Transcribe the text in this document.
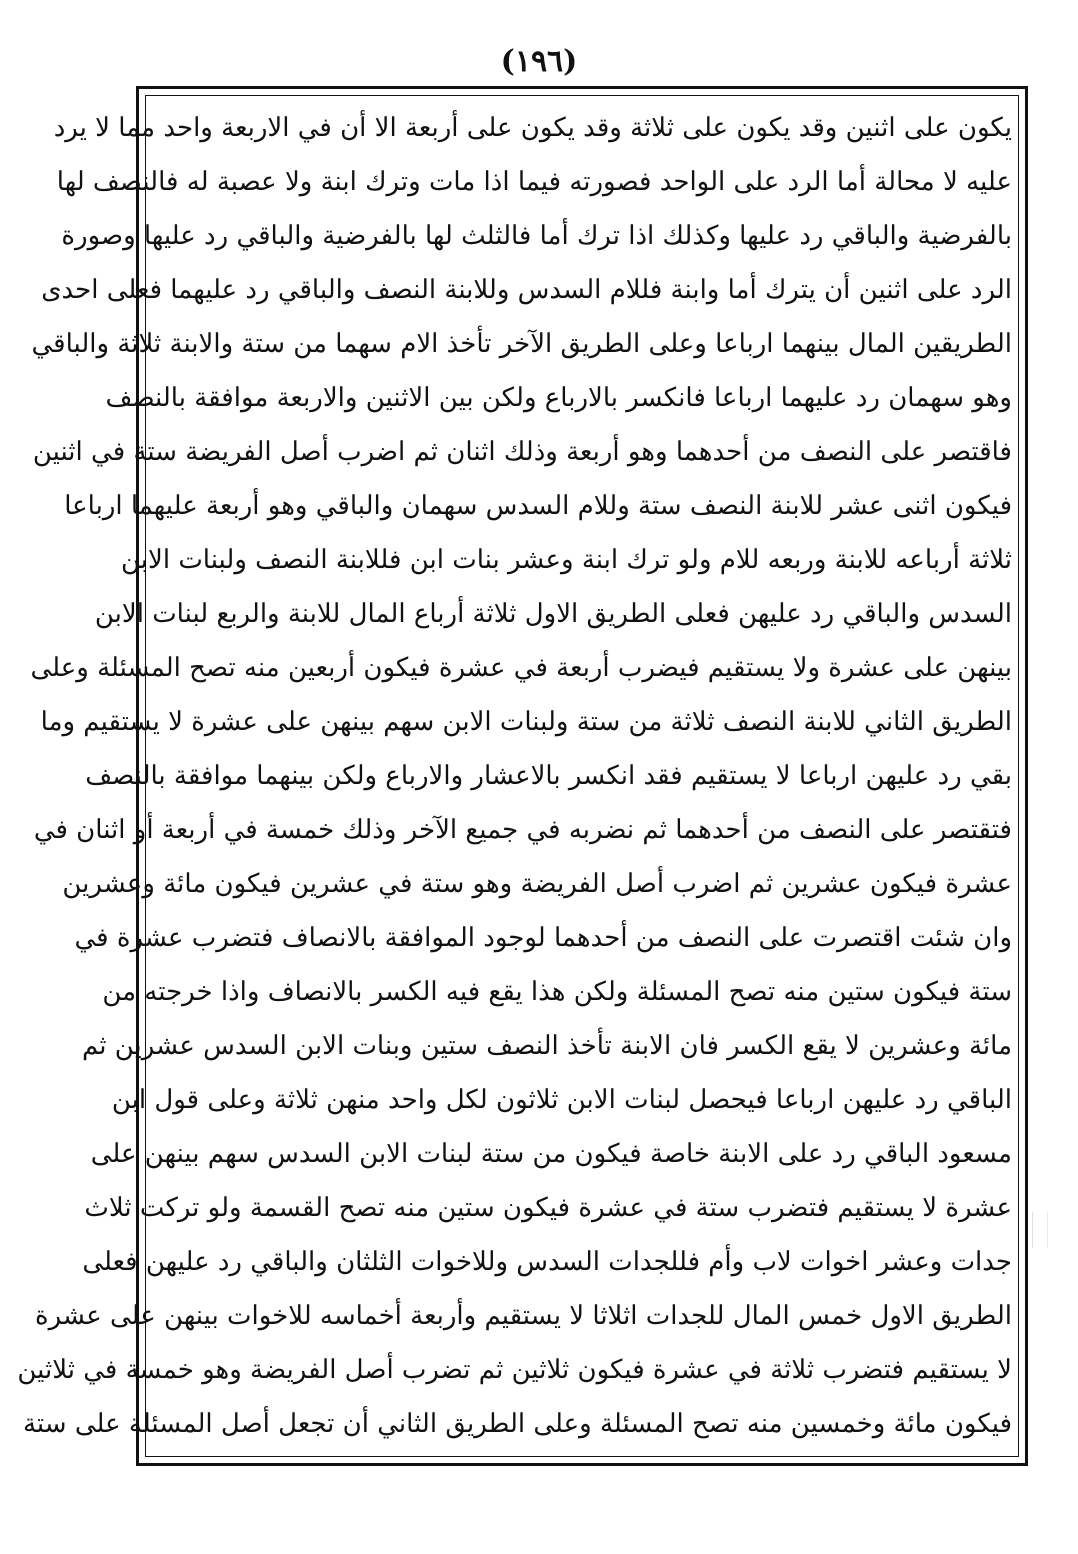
(١٩٦)
يكون على اثنين وقد يكون على ثلاثة وقد يكون على أربعة الا أن في الاربعة واحد مما لا يرد
عليه لا محالة أما الرد على الواحد فصورته فيما اذا مات وترك ابنة ولا عصبة له فالنصف لها
بالفرضية والباقي رد عليها وكذلك اذا ترك أما فالثلث لها بالفرضية والباقي رد عليها وصورة
الرد على اثنين أن يترك أما وابنة فللام السدس وللابنة النصف والباقي رد عليهما فعلى احدى
الطريقين المال بينهما ارباعا وعلى الطريق الآخر تأخذ الام سهما من ستة والابنة ثلاثة والباقي
وهو سهمان رد عليهما ارباعا فانكسر بالارباع ولكن بين الاثنين والاربعة موافقة بالنصف
فاقتصر على النصف من أحدهما وهو أربعة وذلك اثنان ثم اضرب أصل الفريضة ستة في اثنين
فيكون اثنى عشر للابنة النصف ستة وللام السدس سهمان والباقي وهو أربعة عليهما ارباعا
ثلاثة أرباعه للابنة وربعه للام ولو ترك ابنة وعشر بنات ابن فللابنة النصف ولبنات الابن
السدس والباقي رد عليهن فعلى الطريق الاول ثلاثة أرباع المال للابنة والربع لبنات الابن
بينهن على عشرة ولا يستقيم فيضرب أربعة في عشرة فيكون أربعين منه تصح المسئلة وعلى
الطريق الثاني للابنة النصف ثلاثة من ستة ولبنات الابن سهم بينهن على عشرة لا يستقيم وما
بقي رد عليهن ارباعا لا يستقيم فقد انكسر بالاعشار والارباع ولكن بينهما موافقة بالنصف
فتقتصر على النصف من أحدهما ثم نضربه في جميع الآخر وذلك خمسة في أربعة أو اثنان في
عشرة فيكون عشرين ثم اضرب أصل الفريضة وهو ستة في عشرين فيكون مائة وعشرين
وان شئت اقتصرت على النصف من أحدهما لوجود الموافقة بالانصاف فتضرب عشرة في
ستة فيكون ستين منه تصح المسئلة ولكن هذا يقع فيه الكسر بالانصاف واذا خرجته من
مائة وعشرين لا يقع الكسر فان الابنة تأخذ النصف ستين وبنات الابن السدس عشرين ثم
الباقي رد عليهن ارباعا فيحصل لبنات الابن ثلاثون لكل واحد منهن ثلاثة وعلى قول ابن
مسعود الباقي رد على الابنة خاصة فيكون من ستة لبنات الابن السدس سهم بينهن على
عشرة لا يستقيم فتضرب ستة في عشرة فيكون ستين منه تصح القسمة ولو تركت ثلاث
جدات وعشر اخوات لاب وأم فللجدات السدس وللاخوات الثلثان والباقي رد عليهن فعلى
الطريق الاول خمس المال للجدات اثلاثا لا يستقيم وأربعة أخماسه للاخوات بينهن على عشرة
لا يستقيم فتضرب ثلاثة في عشرة فيكون ثلاثين ثم تضرب أصل الفريضة وهو خمسة في ثلاثين
فيكون مائة وخمسين منه تصح المسئلة وعلى الطريق الثاني أن تجعل أصل المسئلة على ستة
